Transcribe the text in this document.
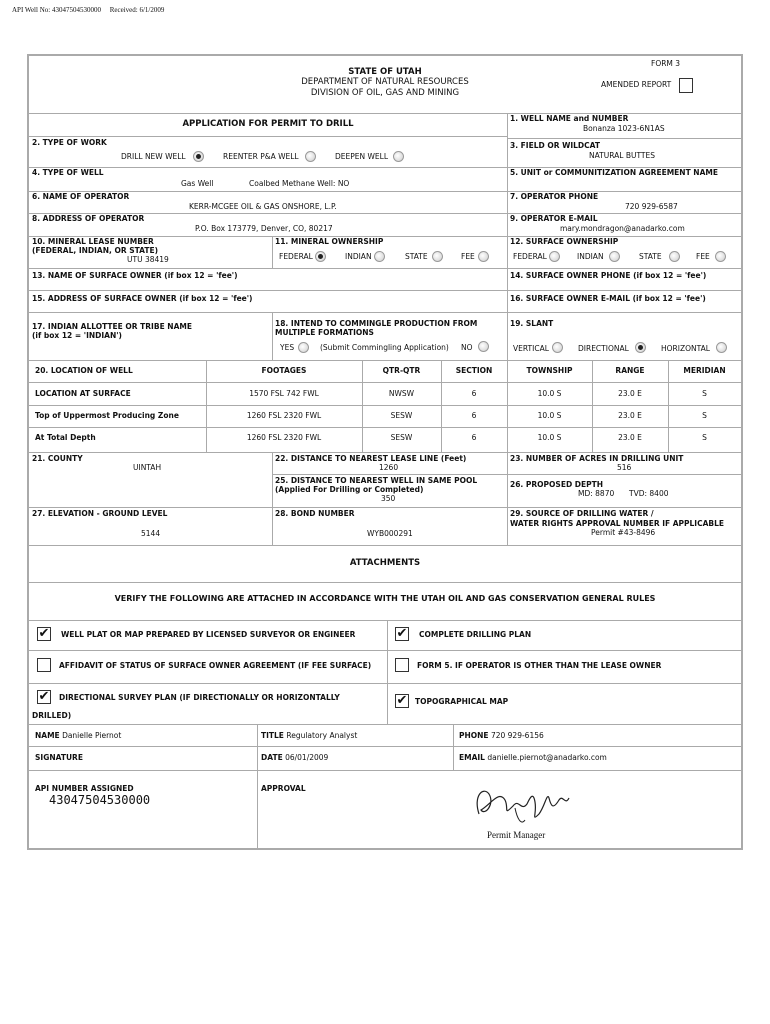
API Well No: 43047504530000 Received: 6/1/2009
STATE OF UTAH
DEPARTMENT OF NATURAL RESOURCES
DIVISION OF OIL, GAS AND MINING
FORM 3
AMENDED REPORT
APPLICATION FOR PERMIT TO DRILL
1. WELL NAME and NUMBER
Bonanza 1023-6N1AS
2. TYPE OF WORK
DRILL NEW WELL	REENTER P&A WELL	DEEPEN WELL
3. FIELD OR WILDCAT
NATURAL BUTTES
4. TYPE OF WELL
Gas Well	Coalbed Methane Well: NO
5. UNIT or COMMUNITIZATION AGREEMENT NAME
6. NAME OF OPERATOR
KERR-MCGEE OIL & GAS ONSHORE, L.P.
7. OPERATOR PHONE
720 929-6587
8. ADDRESS OF OPERATOR
P.O. Box 173779, Denver, CO, 80217
9. OPERATOR E-MAIL
mary.mondragon@anadarko.com
10. MINERAL LEASE NUMBER
(FEDERAL, INDIAN, OR STATE)
UTU 38419
11. MINERAL OWNERSHIP
FEDERAL	INDIAN	STATE	FEE
12. SURFACE OWNERSHIP
FEDERAL	INDIAN	STATE	FEE
13. NAME OF SURFACE OWNER (if box 12 = 'fee')	14. SURFACE OWNER PHONE (if box 12 = 'fee')
15. ADDRESS OF SURFACE OWNER (if box 12 = 'fee')	16. SURFACE OWNER E-MAIL (if box 12 = 'fee')
17. INDIAN ALLOTTEE OR TRIBE NAME
(if box 12 = 'INDIAN')
18. INTEND TO COMMINGLE PRODUCTION FROM
MULTIPLE FORMATIONS
YES	(Submit Commingling Application) NO
19. SLANT
VERTICAL	DIRECTIONAL	HORIZONTAL
20. LOCATION OF WELL	FOOTAGES	QTR-QTR	SECTION	TOWNSHIP	RANGE	MERIDIAN
LOCATION AT SURFACE	1570 FSL 742 FWL	NWSW	6	10.0 S	23.0 E	S
Top of Uppermost Producing Zone	1260 FSL 2320 FWL	SESW	6	10.0 S	23.0 E	S
At Total Depth	1260 FSL 2320 FWL	SESW	6	10.0 S	23.0 E	S
21. COUNTY
UINTAH
22. DISTANCE TO NEAREST LEASE LINE (Feet)
1260
23. NUMBER OF ACRES IN DRILLING UNIT
516
25. DISTANCE TO NEAREST WELL IN SAME POOL
(Applied For Drilling or Completed)
350
26. PROPOSED DEPTH
MD: 8870 TVD: 8400
27. ELEVATION - GROUND LEVEL
5144
28. BOND NUMBER
WYB000291
29. SOURCE OF DRILLING WATER /
WATER RIGHTS APPROVAL NUMBER IF APPLICABLE
Permit #43-8496
ATTACHMENTS
VERIFY THE FOLLOWING ARE ATTACHED IN ACCORDANCE WITH THE UTAH OIL AND GAS CONSERVATION GENERAL RULES
✔ WELL PLAT OR MAP PREPARED BY LICENSED SURVEYOR OR ENGINEER	✔ COMPLETE DRILLING PLAN
AFFIDAVIT OF STATUS OF SURFACE OWNER AGREEMENT (IF FEE SURFACE)	FORM 5. IF OPERATOR IS OTHER THAN THE LEASE OWNER
✔ DIRECTIONAL SURVEY PLAN (IF DIRECTIONALLY OR HORIZONTALLY
DRILLED)
✔ TOPOGRAPHICAL MAP
NAME Danielle Piernot	TITLE Regulatory Analyst	PHONE 720 929-6156
SIGNATURE	DATE 06/01/2009	EMAIL danielle.piernot@anadarko.com
API NUMBER ASSIGNED
43047504530000
APPROVAL
Permit Manager
